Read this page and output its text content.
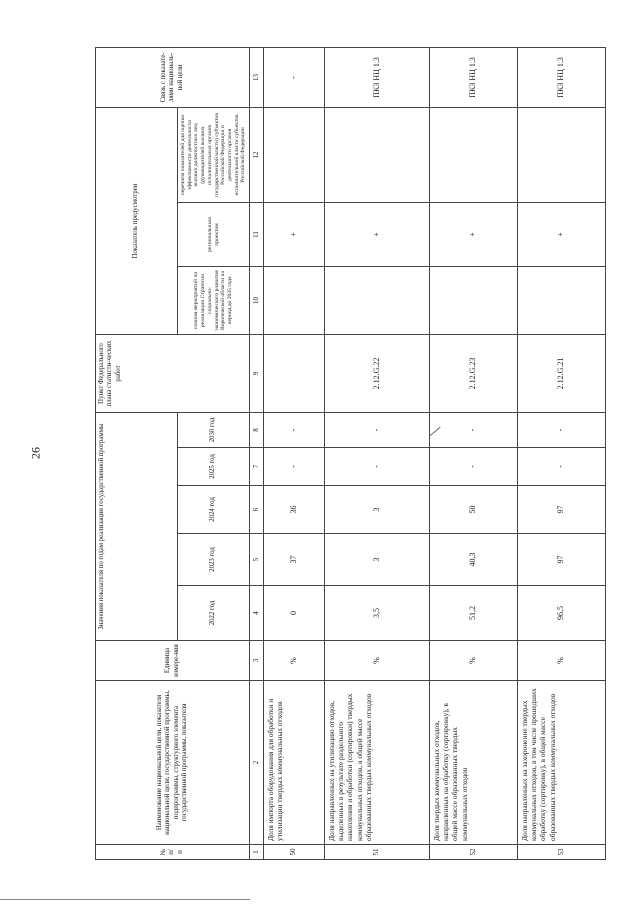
26
№ п/п	Наименование национальной цели, показателя национальной цели, государственной программы, подпрограммы, структурного элемента государственной программы, показателя	Единица измере-ния	Значения показателя по годам реализации государственной программы					Пункт Федерального плана статисти-ческих работ	Показатель предусмотрен			Связь с показате-лями националь-ной цели
			2022 год	2023 год	2024 год	2025 год	2030 год		планом мероприятий по реализации Стратегии социально-экономического развития Воронежской области на период до 2035 года	региональным проектом	перечнем показателей для оценки эффективности деятельности высших должностных лиц (руководителей высших исполнительных органов государственной власти) субъектов Российской Федерации и деятельности органов исполнительной власти субъектов Российской Федерации	
1	2	3	4	5	6	7	8	9	10	11	12	13
50	Доля импорта оборудования для обработки и утилизации твердых коммунальных отходов	%	0	37	36	-	-			+		-
51	Доля направленных на утилизацию отходов, выделенных в результате раздельного накопления и обработки (сортировки) твердых коммунальных отходов, в общей массе образованных твердых коммунальных отходов	%	3,5	3	3	-	-	2.12.G.22		+		ПКЗ НЦ 1.3
52	Доля твердых коммунальных отходов, направленных на обработку (сортировку), в общей массе образованных твердых коммунальных отходов	%	51,2	40,3	50	-	-	2.12.G.23		+		ПКЗ НЦ 1.3
53	Доля направленных на захоронение твердых коммунальных отходов, в том числе прошедших обработку (сортировку), в общей массе образованных твердых коммунальных отходов	%	96,5	97	97	-	-	2.12.G.21		+		ПКЗ НЦ 1.3
